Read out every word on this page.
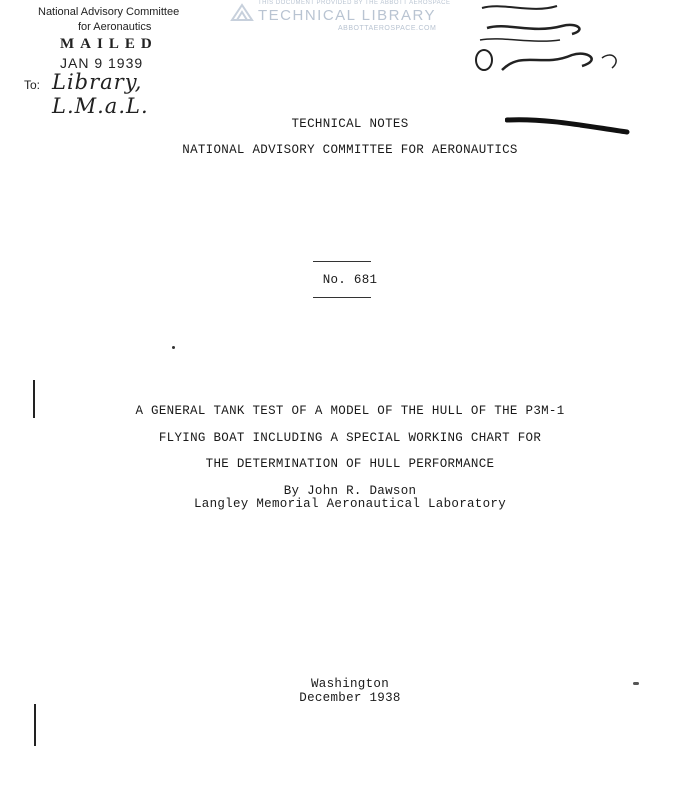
National Advisory Committee
for Aeronautics
MAILED
JAN 9 1939
To: Library, L.M.a.L.
THIS DOCUMENT PROVIDED BY THE ABBOTT AEROSPACE
TECHNICAL LIBRARY
ABBOTTAEROSPACE.COM
TECHNICAL NOTES
NATIONAL ADVISORY COMMITTEE FOR AERONAUTICS
No. 681
A GENERAL TANK TEST OF A MODEL OF THE HULL OF THE P3M-1
FLYING BOAT INCLUDING A SPECIAL WORKING CHART FOR
THE DETERMINATION OF HULL PERFORMANCE
By John R. Dawson
Langley Memorial Aeronautical Laboratory
Washington
December 1938
